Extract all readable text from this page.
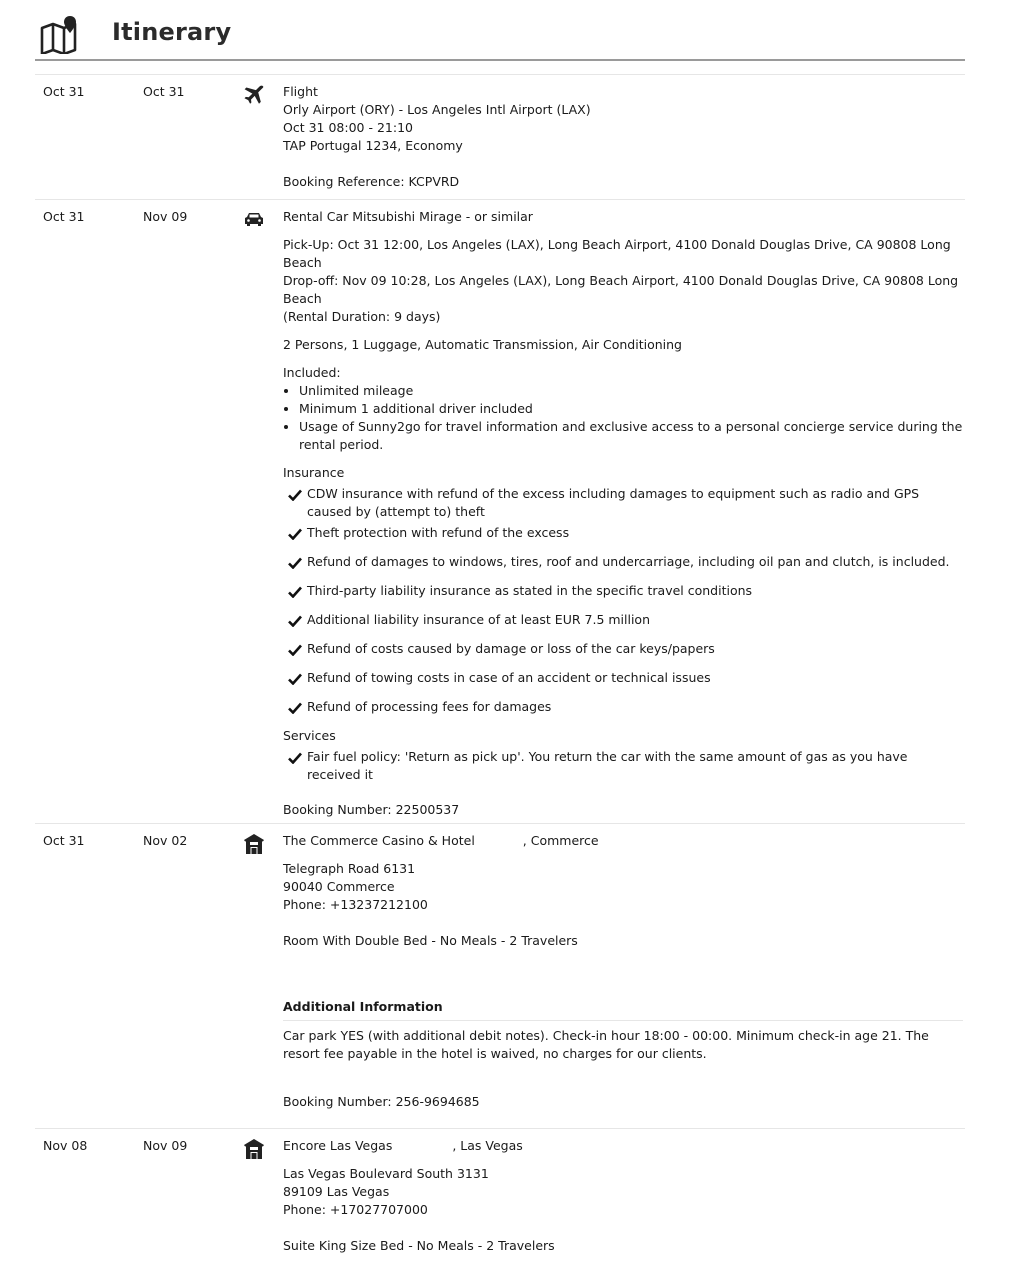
Itinerary
Oct 31	Oct 31	Flight
Orly Airport (ORY) - Los Angeles Intl Airport (LAX)
Oct 31 08:00 - 21:10
TAP Portugal 1234, Economy
Booking Reference: KCPVRD
Oct 31	Nov 09	Rental Car Mitsubishi Mirage - or similar
Pick-Up: Oct 31 12:00, Los Angeles (LAX), Long Beach Airport, 4100 Donald Douglas Drive, CA 90808 Long Beach
Drop-off: Nov 09 10:28, Los Angeles (LAX), Long Beach Airport, 4100 Donald Douglas Drive, CA 90808 Long Beach
(Rental Duration: 9 days)
2 Persons, 1 Luggage, Automatic Transmission, Air Conditioning
Included:
• Unlimited mileage
• Minimum 1 additional driver included
• Usage of Sunny2go for travel information and exclusive access to a personal concierge service during the rental period.
Insurance
CDW insurance with refund of the excess including damages to equipment such as radio and GPS caused by (attempt to) theft
Theft protection with refund of the excess
Refund of damages to windows, tires, roof and undercarriage, including oil pan and clutch, is included.
Third-party liability insurance as stated in the specific travel conditions
Additional liability insurance of at least EUR 7.5 million
Refund of costs caused by damage or loss of the car keys/papers
Refund of towing costs in case of an accident or technical issues
Refund of processing fees for damages
Services
Fair fuel policy: 'Return as pick up'. You return the car with the same amount of gas as you have received it
Booking Number: 22500537
Oct 31	Nov 02	The Commerce Casino & Hotel	, Commerce
Telegraph Road 6131
90040 Commerce
Phone: +13237212100
Room With Double Bed - No Meals - 2 Travelers
Additional Information
Car park YES (with additional debit notes). Check-in hour 18:00 - 00:00. Minimum check-in age 21. The resort fee payable in the hotel is waived, no charges for our clients.
Booking Number: 256-9694685
Nov 08	Nov 09	Encore Las Vegas	, Las Vegas
Las Vegas Boulevard South 3131
89109 Las Vegas
Phone: +17027707000
Suite King Size Bed - No Meals - 2 Travelers
